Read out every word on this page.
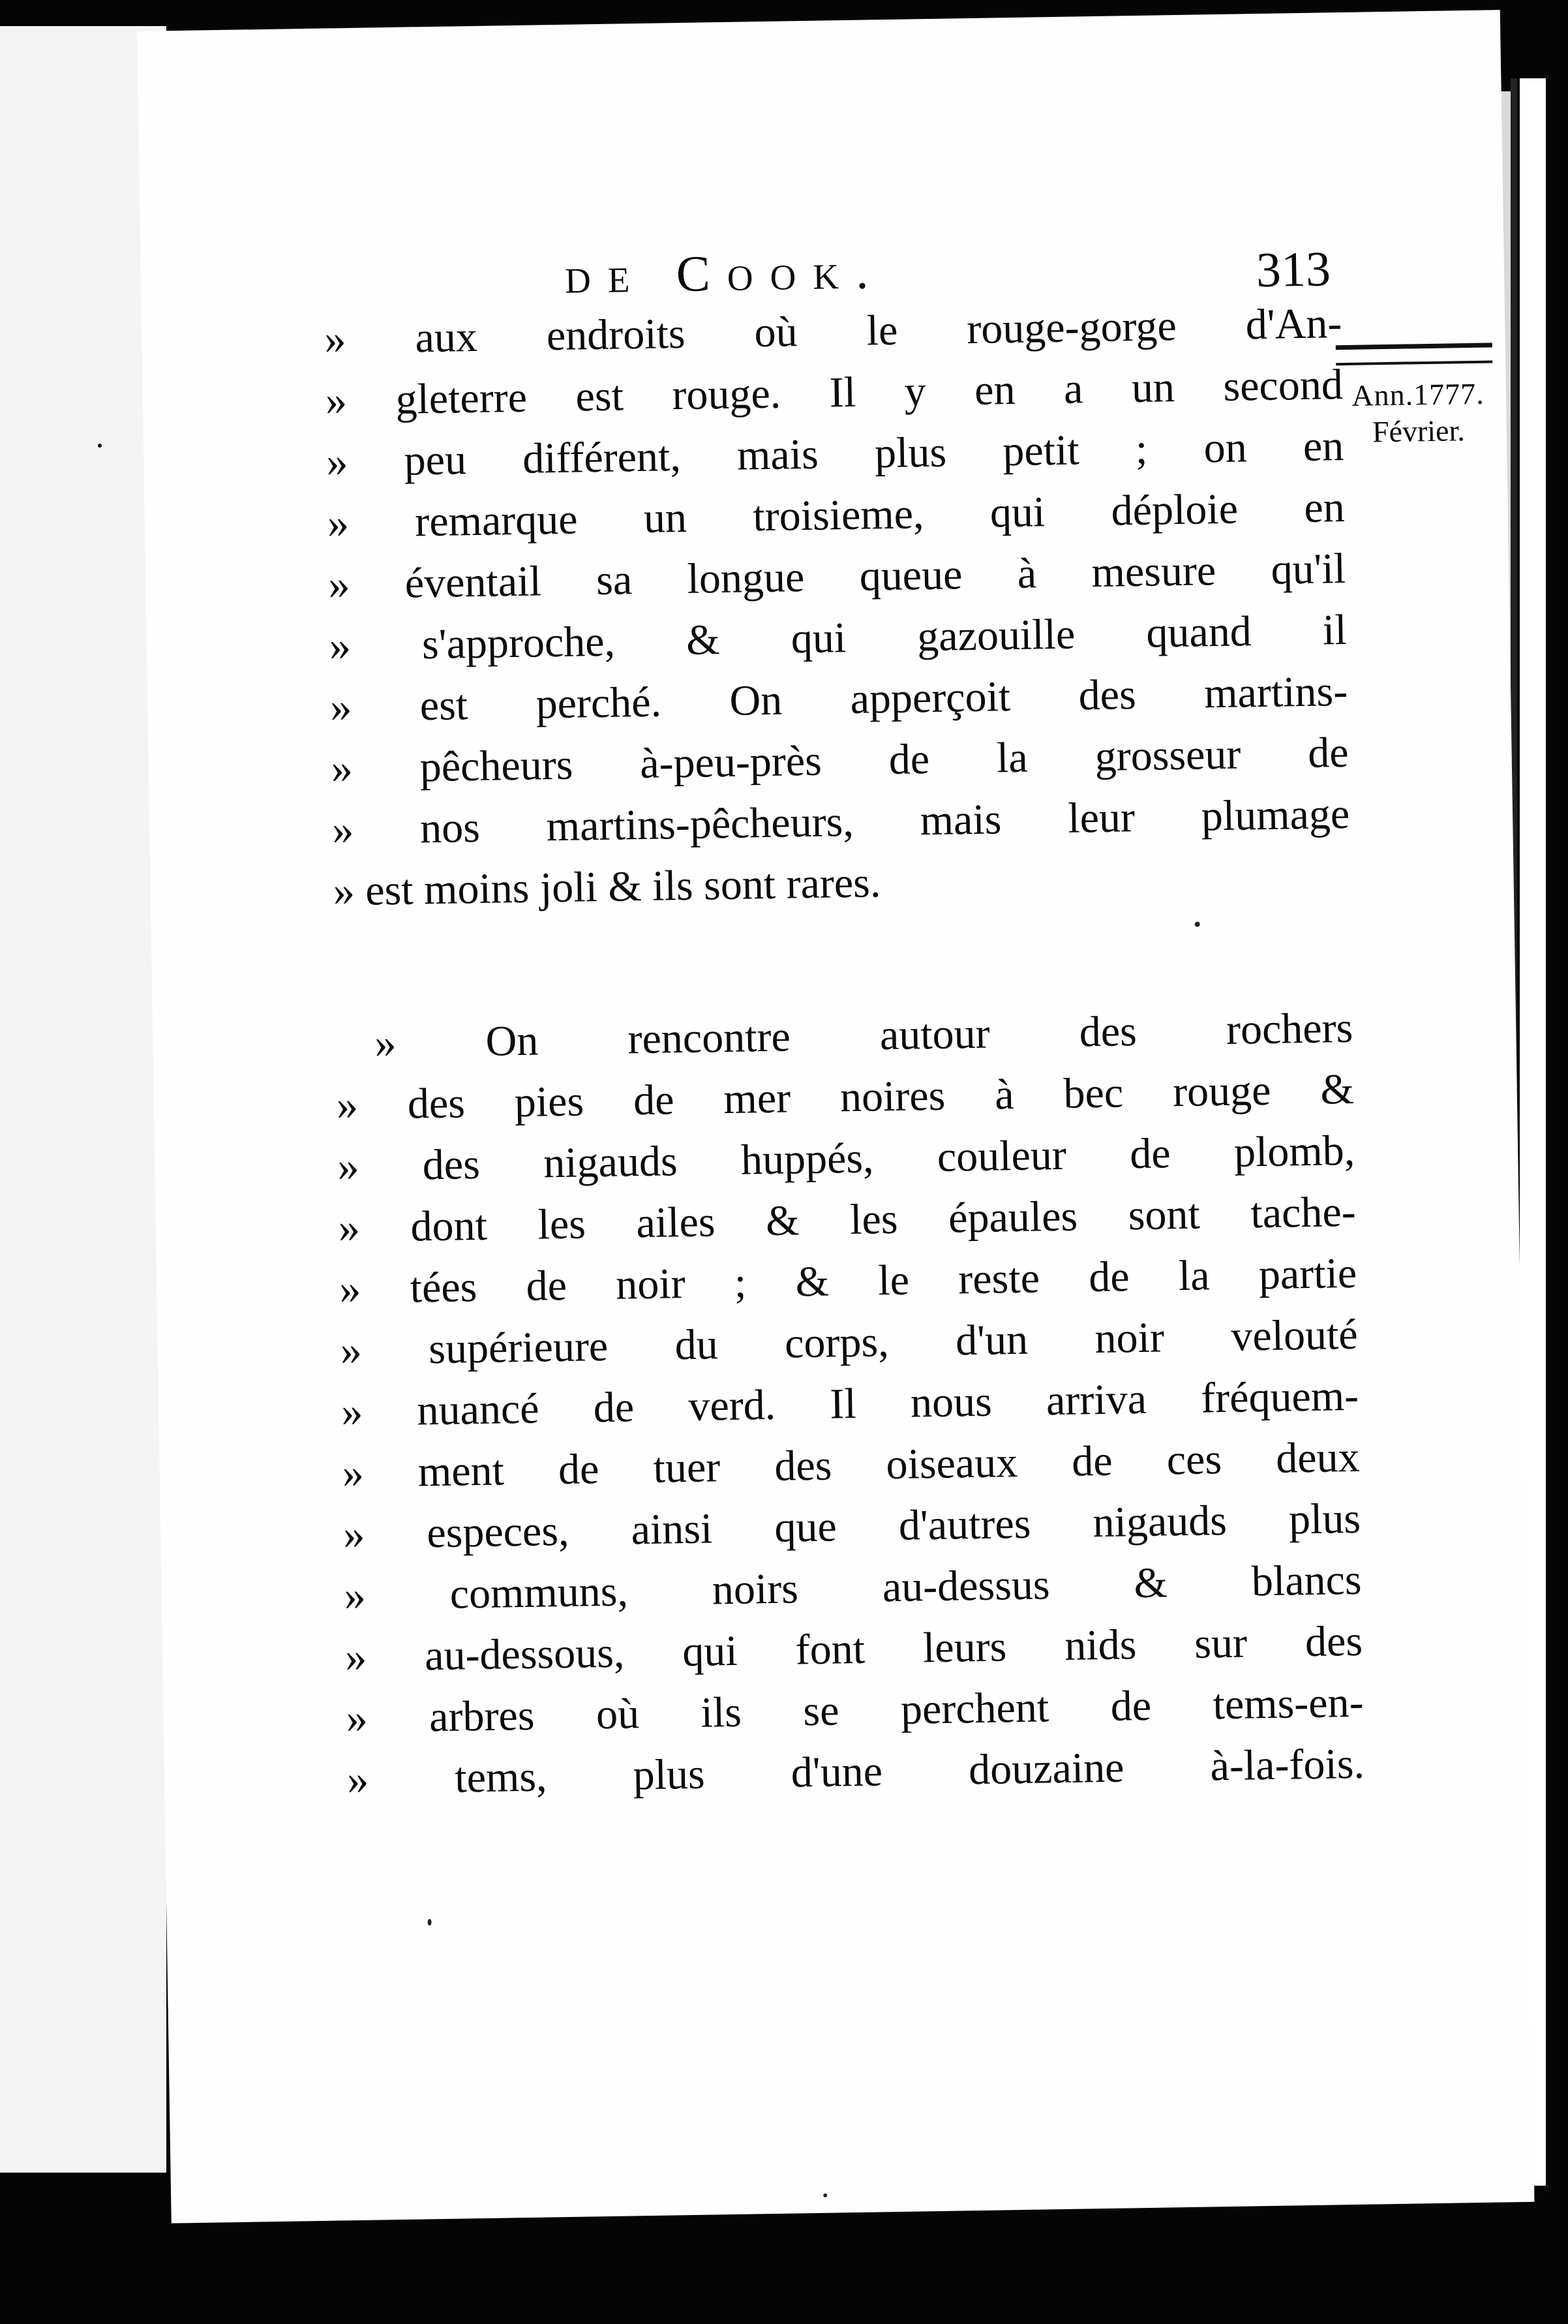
de Cook.	313
Ann.1777.
Février.

» aux endroits où le rouge-gorge d'An-
» gleterre est rouge. Il y en a un second
» peu différent, mais plus petit ; on en
» remarque un troisieme, qui déploie en
» éventail sa longue queue à mesure qu'il
» s'approche, & qui gazouille quand il
» est perché. On apperçoit des martins-
» pêcheurs à-peu-près de la grosseur de
» nos martins-pêcheurs, mais leur plumage
» est moins joli & ils sont rares.

» On rencontre autour des rochers
» des pies de mer noires à bec rouge &
» des nigauds huppés, couleur de plomb,
» dont les ailes & les épaules sont tache-
» tées de noir ; & le reste de la partie
» supérieure du corps, d'un noir velouté
» nuancé de verd. Il nous arriva fréquem-
» ment de tuer des oiseaux de ces deux
» especes, ainsi que d'autres nigauds plus
» communs, noirs au-dessus & blancs
» au-dessous, qui font leurs nids sur des
» arbres où ils se perchent de tems-en-
» tems, plus d'une douzaine à-la-fois.
